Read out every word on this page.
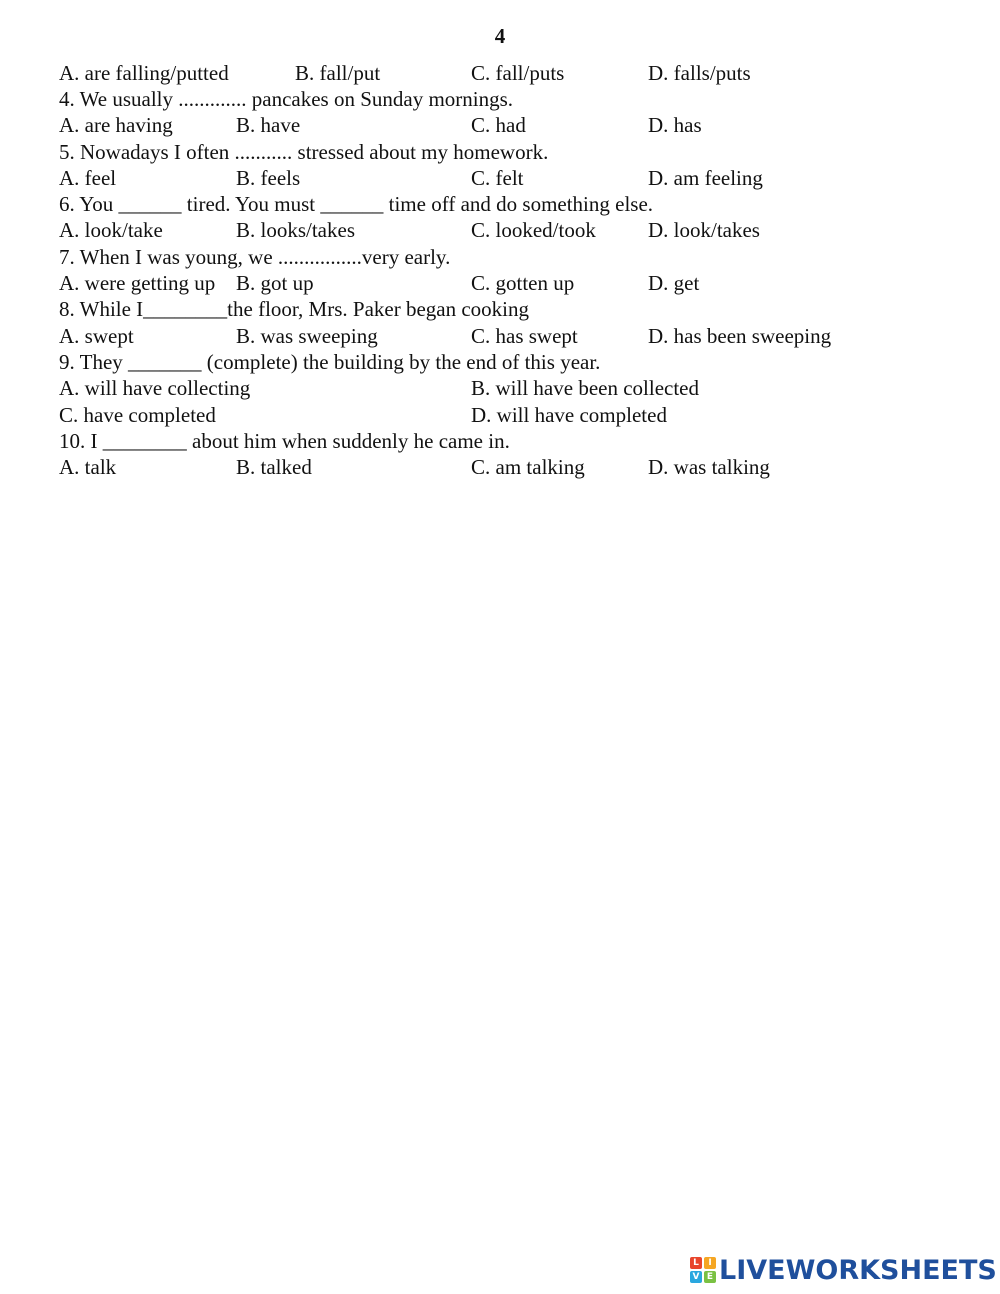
4
A. are falling/putted	B. fall/put	C. fall/puts	D. falls/puts
4. We usually ............. pancakes on Sunday mornings.
A. are having	B. have	C. had	D. has
5. Nowadays I often ........... stressed about my homework.
A. feel	B. feels	C. felt	D. am feeling
6. You ______ tired. You must ______ time off and do something else.
A. look/take	B. looks/takes	C. looked/took D. look/takes
7. When I was young, we ................very early.
A. were getting up B. got up	C. gotten up	D. get
8. While I________the floor, Mrs. Paker began cooking
A. swept	B. was sweeping	C. has swept	D. has been sweeping
9. They _______ (complete) the building by the end of this year.
A. will have collecting	B. will have been collected
C. have completed	D. will have completed
10. I ________ about him when suddenly he came in.
A. talk	B. talked	C. am talking	D. was talking
L	I
V E LIVEWORKSHEETS
